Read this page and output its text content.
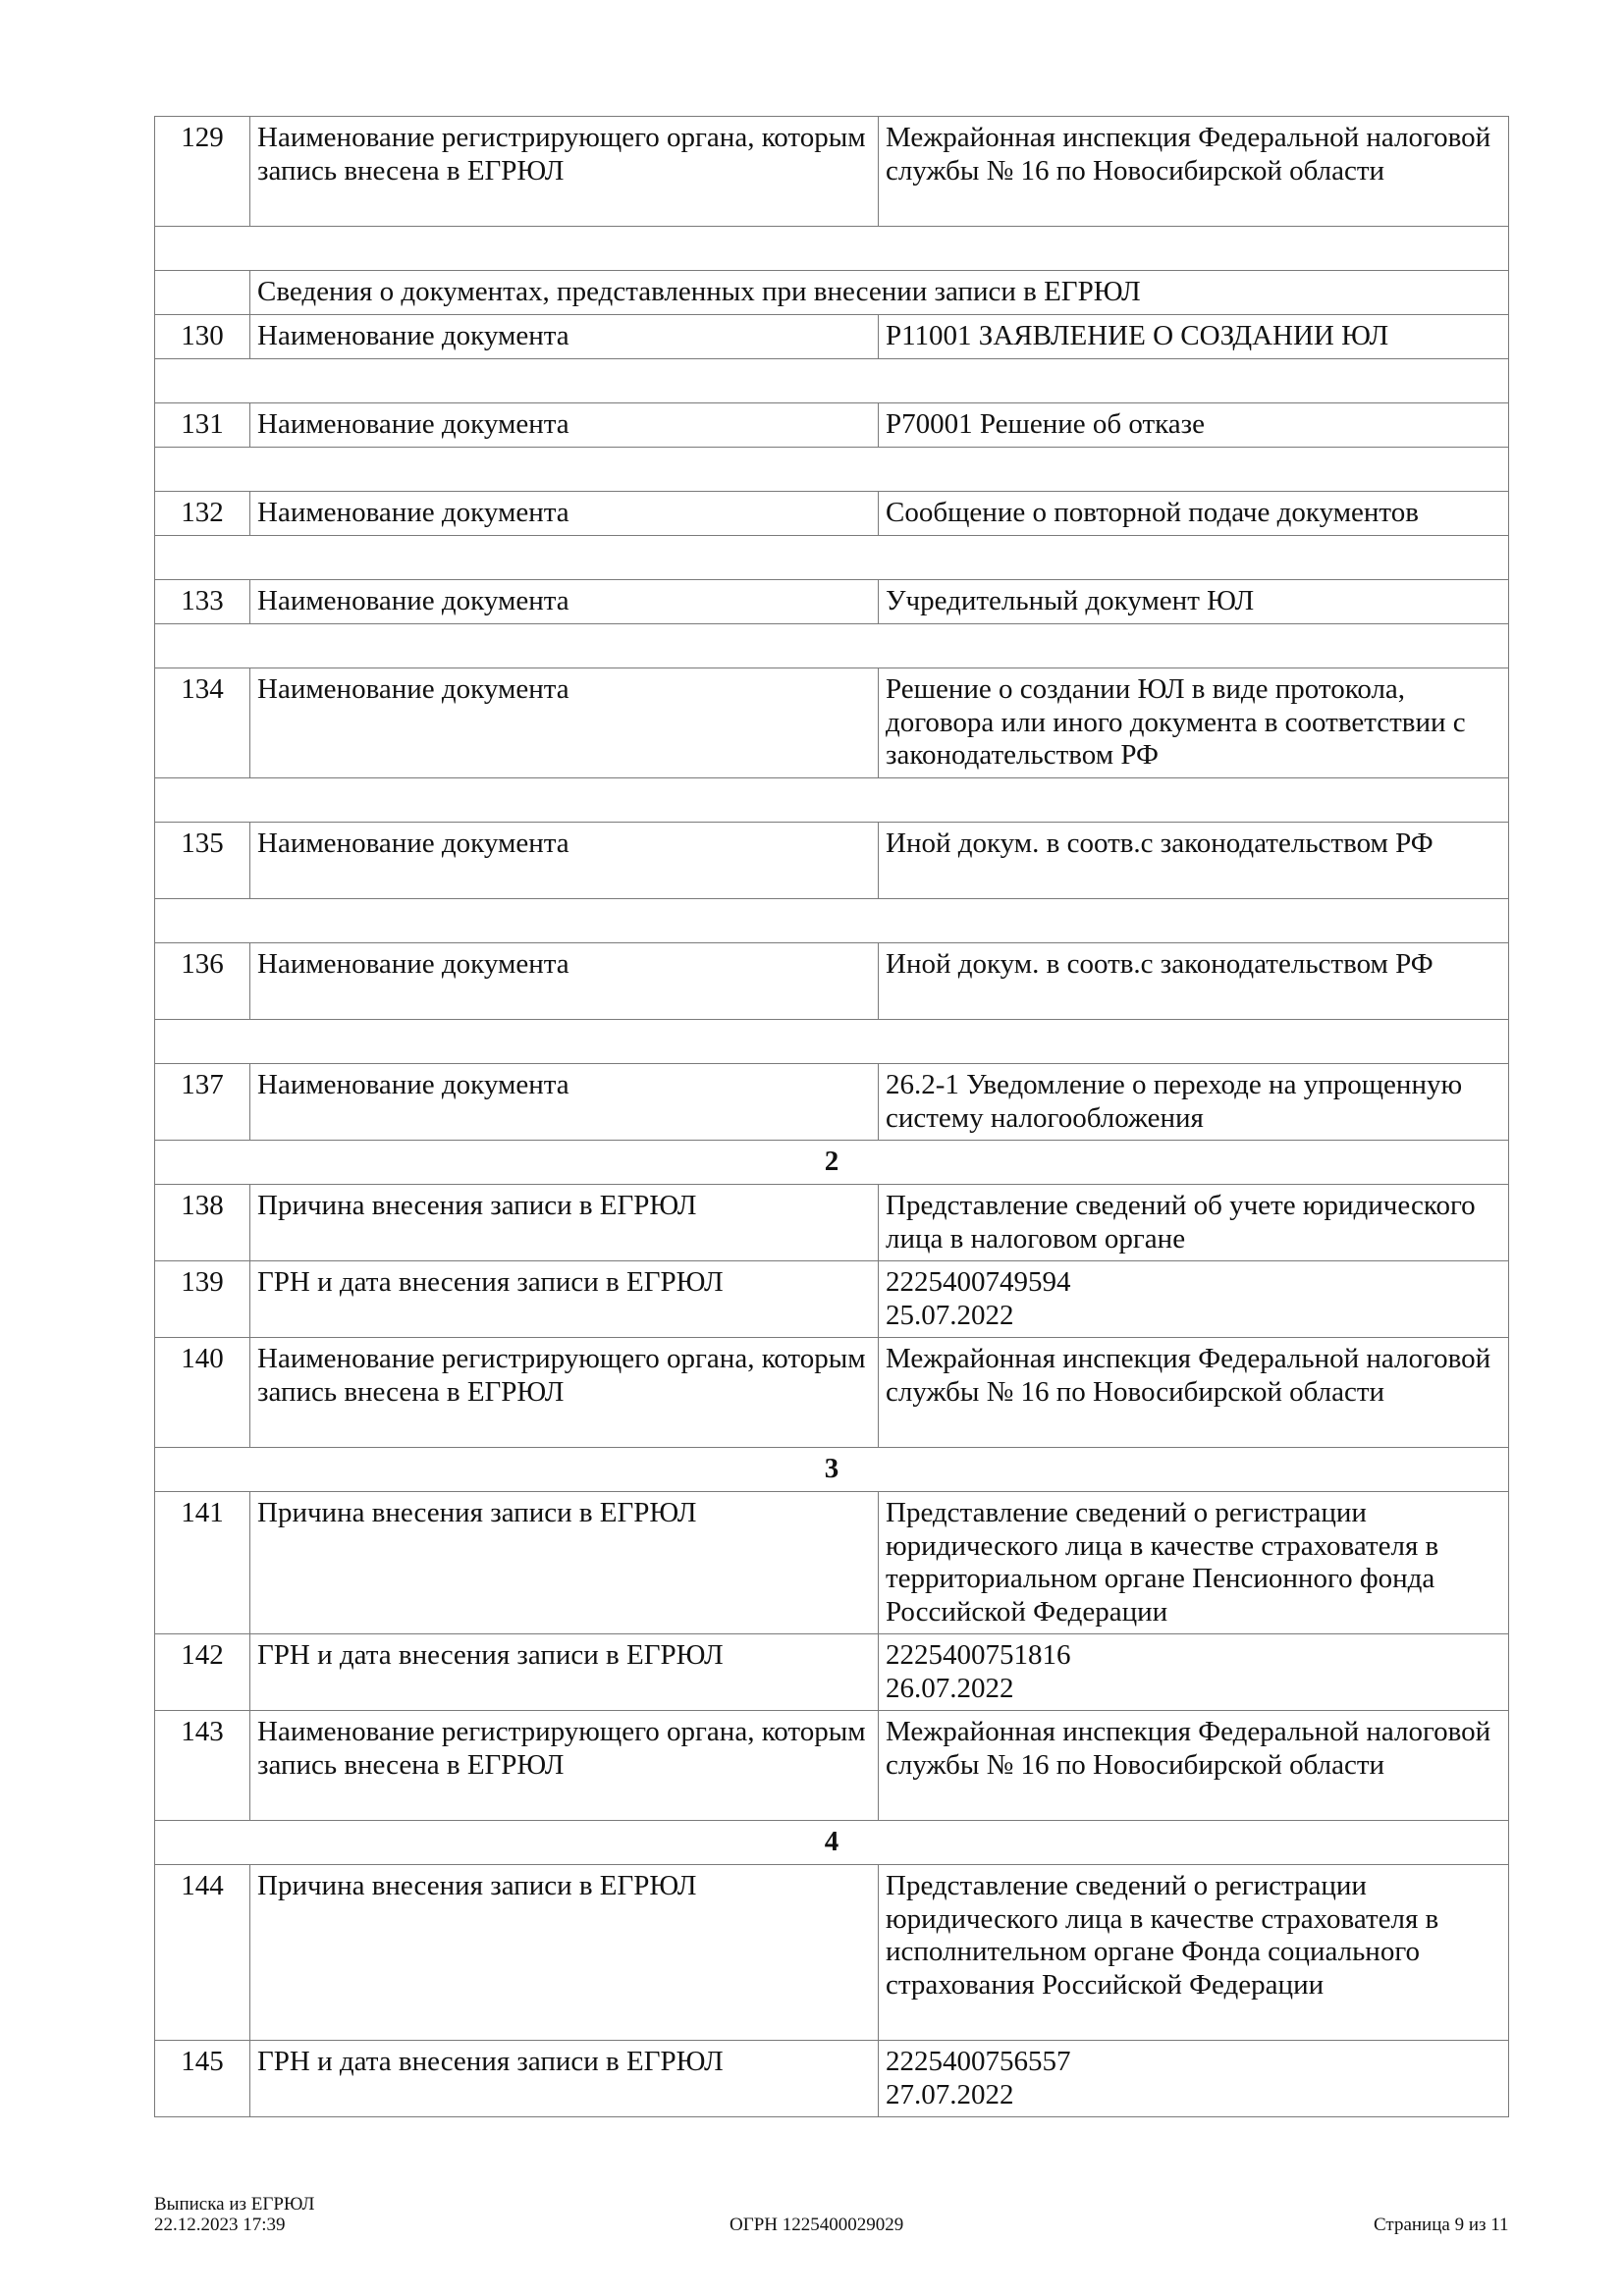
129	Наименование регистрирующего органа, которым запись внесена в ЕГРЮЛ	Межрайонная инспекция Федеральной налоговой службы № 16 по Новосибирской области

	Сведения о документах, представленных при внесении записи в ЕГРЮЛ	
130	Наименование документа	Р11001 ЗАЯВЛЕНИЕ О СОЗДАНИИ ЮЛ

131	Наименование документа	Р70001 Решение об отказе

132	Наименование документа	Сообщение о повторной подаче документов

133	Наименование документа	Учредительный документ ЮЛ

134	Наименование документа	Решение о создании ЮЛ в виде протокола, договора или иного документа в соответствии с законодательством РФ

135	Наименование документа	Иной докум. в соотв.с законодательством РФ

136	Наименование документа	Иной докум. в соотв.с законодательством РФ

137	Наименование документа	26.2-1 Уведомление о переходе на упрощенную систему налогообложения
2		
138	Причина внесения записи в ЕГРЮЛ	Представление сведений об учете юридического лица в налоговом органе
139	ГРН и дата внесения записи в ЕГРЮЛ	2225400749594
25.07.2022
140	Наименование регистрирующего органа, которым запись внесена в ЕГРЮЛ	Межрайонная инспекция Федеральной налоговой службы № 16 по Новосибирской области
3		
141	Причина внесения записи в ЕГРЮЛ	Представление сведений о регистрации юридического лица в качестве страхователя в территориальном органе Пенсионного фонда Российской Федерации
142	ГРН и дата внесения записи в ЕГРЮЛ	2225400751816
26.07.2022
143	Наименование регистрирующего органа, которым запись внесена в ЕГРЮЛ	Межрайонная инспекция Федеральной налоговой службы № 16 по Новосибирской области
4		
144	Причина внесения записи в ЕГРЮЛ	Представление сведений о регистрации юридического лица в качестве страхователя в исполнительном органе Фонда социального страхования Российской Федерации
145	ГРН и дата внесения записи в ЕГРЮЛ	2225400756557
27.07.2022
Выписка из ЕГРЮЛ
22.12.2023 17:39	ОГРН 1225400029029	Страница 9 из 11
